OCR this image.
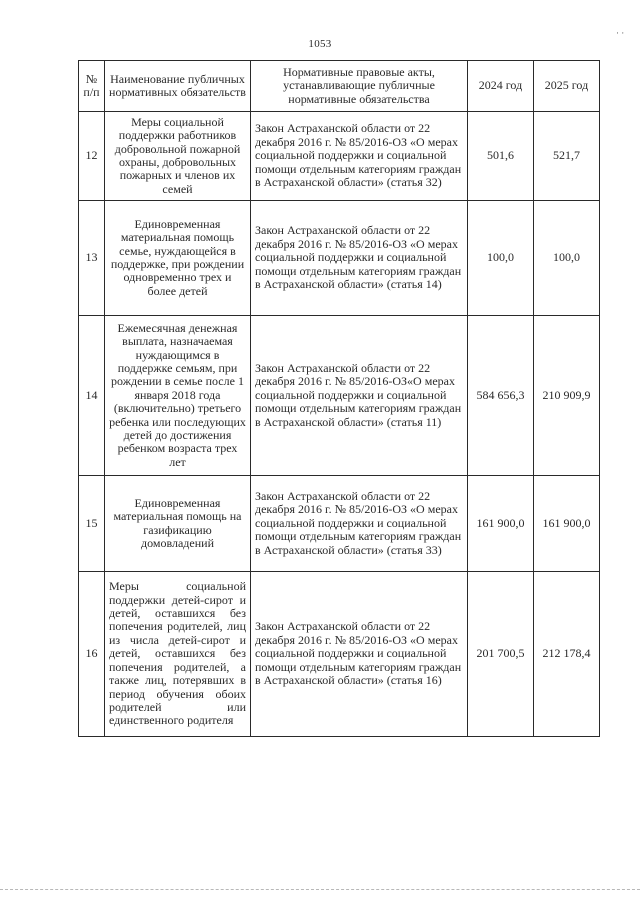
1053
· ·
№ п/п	Наименование публичных нормативных обязательств	Нормативные правовые акты, устанавливающие публичные нормативные обязательства	2024 год	2025 год
12	Меры социальной поддержки работников добровольной пожарной охраны, добровольных пожарных и членов их семей	Закон Астраханской области от 22 декабря 2016 г. № 85/2016-ОЗ «О мерах социальной поддержки и социальной помощи отдельным категориям граждан в Астраханской области» (статья 32)	501,6	521,7
13	Единовременная материальная помощь семье, нуждающейся в поддержке, при рождении одновременно трех и более детей	Закон Астраханской области от 22 декабря 2016 г. № 85/2016-ОЗ «О мерах социальной поддержки и социальной помощи отдельным категориям граждан в Астраханской области» (статья 14)	100,0	100,0
14	Ежемесячная денежная выплата, назначаемая нуждающимся в поддержке семьям, при рождении в семье после 1 января 2018 года (включительно) третьего ребенка или последующих детей до достижения ребенком возраста трех лет	Закон Астраханской области от 22 декабря 2016 г. № 85/2016-ОЗ«О мерах социальной поддержки и социальной помощи отдельным категориям граждан в Астраханской области» (статья 11)	584 656,3	210 909,9
15	Единовременная материальная помощь на газификацию домовладений	Закон Астраханской области от 22 декабря 2016 г. № 85/2016-ОЗ «О мерах социальной поддержки и социальной помощи отдельным категориям граждан в Астраханской области» (статья 33)	161 900,0	161 900,0
16	Меры социальной поддержки детей-сирот и детей, оставшихся без попечения родителей, лиц из числа детей-сирот и детей, оставшихся без попечения родителей, а также лиц, потерявших в период обучения обоих родителей или единственного родителя	Закон Астраханской области от 22 декабря 2016 г. № 85/2016-ОЗ «О мерах социальной поддержки и социальной помощи отдельным категориям граждан в Астраханской области» (статья 16)	201 700,5	212 178,4
